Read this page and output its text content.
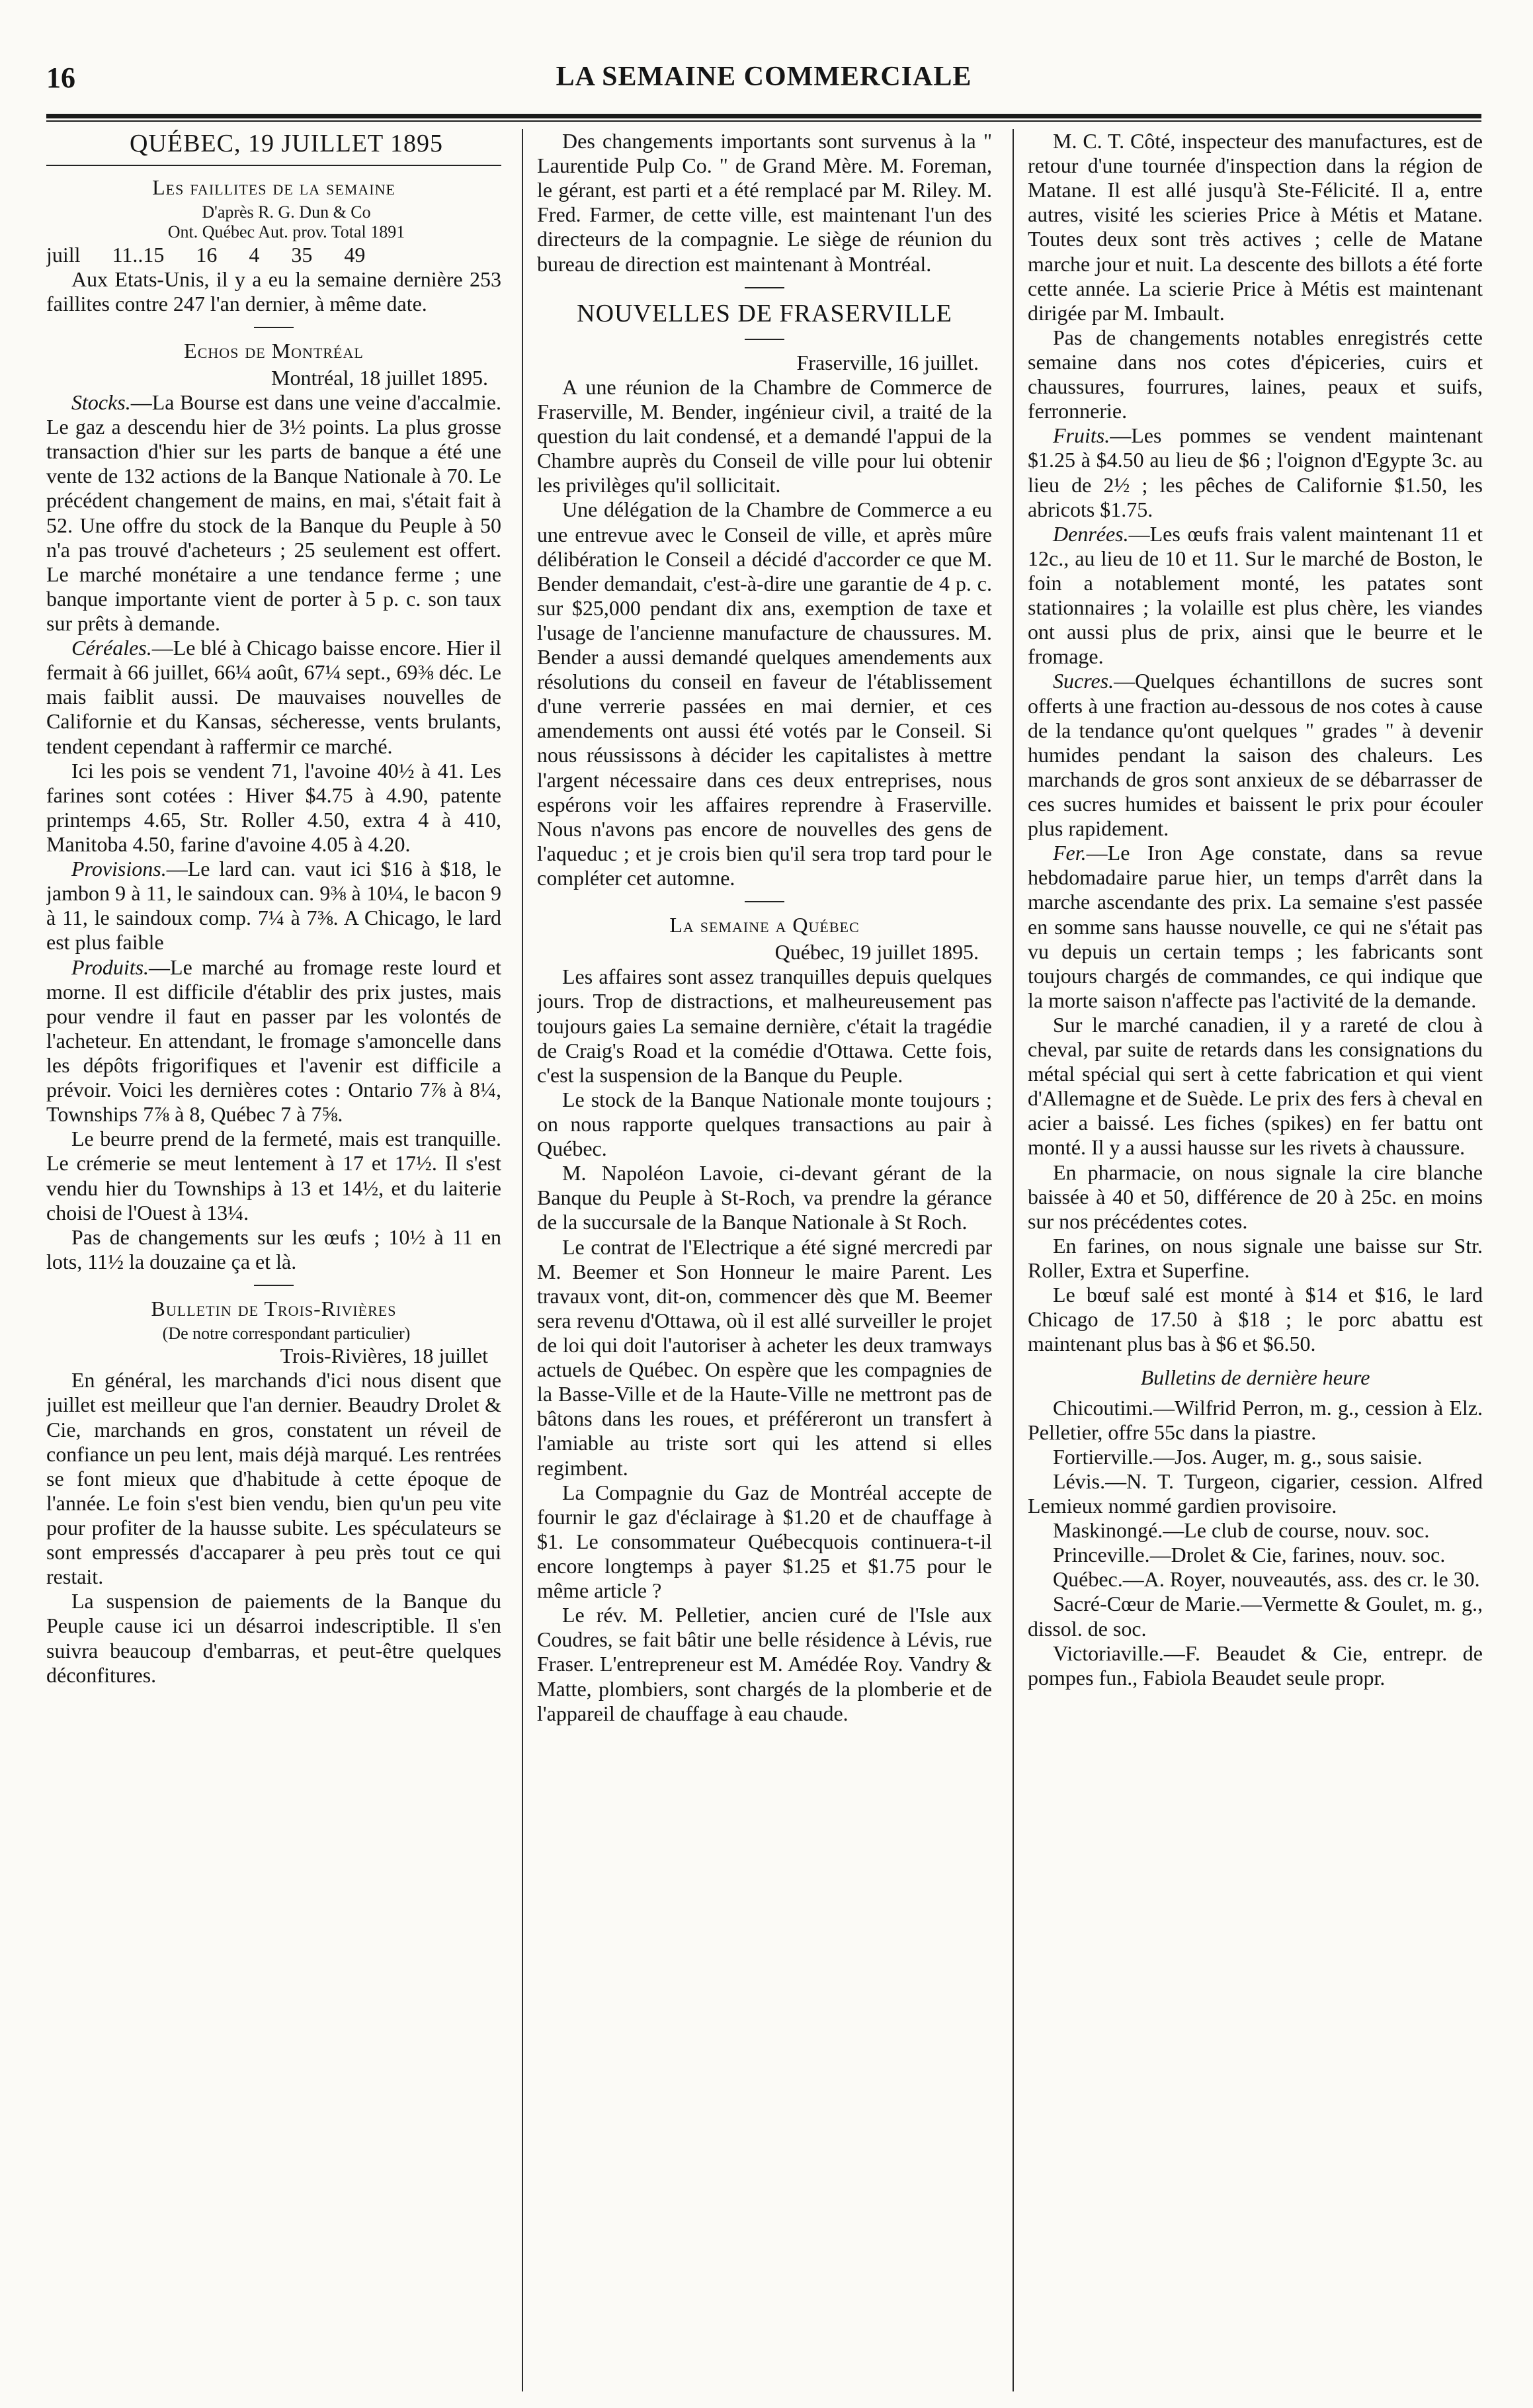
16	LA SEMAINE COMMERCIALE

QUÉBEC, 19 JUILLET 1895

Les faillites de la semaine

D'après R. G. Dun & Co

Ont. Québec Aut. prov. Total 1891

juill 11..15 16 4 35 49

Aux Etats-Unis, il y a eu la semaine dernière 253 faillites contre 247 l'an dernier, à même date.

Echos de Montréal

Montréal, 18 juillet 1895.

Stocks.—La Bourse est dans une veine d'accalmie. Le gaz a descendu hier de 3½ points. La plus grosse transaction d'hier sur les parts de banque a été une vente de 132 actions de la Banque Nationale à 70. Le précédent changement de mains, en mai, s'était fait à 52. Une offre du stock de la Banque du Peuple à 50 n'a pas trouvé d'acheteurs ; 25 seulement est offert. Le marché monétaire a une tendance ferme ; une banque importante vient de porter à 5 p. c. son taux sur prêts à demande.

Céréales.—Le blé à Chicago baisse encore. Hier il fermait à 66 juillet, 66¼ août, 67¼ sept., 69⅜ déc. Le mais faiblit aussi. De mauvaises nouvelles de Californie et du Kansas, sécheresse, vents brulants, tendent cependant à raffermir ce marché.

Ici les pois se vendent 71, l'avoine 40½ à 41. Les farines sont cotées : Hiver $4.75 à 4.90, patente printemps 4.65, Str. Roller 4.50, extra 4 à 410, Manitoba 4.50, farine d'avoine 4.05 à 4.20.

Provisions.—Le lard can. vaut ici $16 à $18, le jambon 9 à 11, le saindoux can. 9⅜ à 10¼, le bacon 9 à 11, le saindoux comp. 7¼ à 7⅜. A Chicago, le lard est plus faible

Produits.—Le marché au fromage reste lourd et morne. Il est difficile d'établir des prix justes, mais pour vendre il faut en passer par les volontés de l'acheteur. En attendant, le fromage s'amoncelle dans les dépôts frigorifiques et l'avenir est difficile a prévoir. Voici les dernières cotes : Ontario 7⅞ à 8¼, Townships 7⅞ à 8, Québec 7 à 7⅝.

Le beurre prend de la fermeté, mais est tranquille. Le crémerie se meut lentement à 17 et 17½. Il s'est vendu hier du Townships à 13 et 14½, et du laiterie choisi de l'Ouest à 13¼.

Pas de changements sur les œufs ; 10½ à 11 en lots, 11½ la douzaine ça et là.

Bulletin de Trois-Rivières

(De notre correspondant particulier)

Trois-Rivières, 18 juillet

En général, les marchands d'ici nous disent que juillet est meilleur que l'an dernier. Beaudry Drolet & Cie, marchands en gros, constatent un réveil de confiance un peu lent, mais déjà marqué. Les rentrées se font mieux que d'habitude à cette époque de l'année. Le foin s'est bien vendu, bien qu'un peu vite pour profiter de la hausse subite. Les spéculateurs se sont empressés d'accaparer à peu près tout ce qui restait.

La suspension de paiements de la Banque du Peuple cause ici un désarroi indescriptible. Il s'en suivra beaucoup d'embarras, et peut-être quelques déconfitures.

Des changements importants sont survenus à la " Laurentide Pulp Co. " de Grand Mère. M. Foreman, le gérant, est parti et a été remplacé par M. Riley. M. Fred. Farmer, de cette ville, est maintenant l'un des directeurs de la compagnie. Le siège de réunion du bureau de direction est maintenant à Montréal.

NOUVELLES DE FRASERVILLE

Fraserville, 16 juillet.

A une réunion de la Chambre de Commerce de Fraserville, M. Bender, ingénieur civil, a traité de la question du lait condensé, et a demandé l'appui de la Chambre auprès du Conseil de ville pour lui obtenir les privilèges qu'il sollicitait.

Une délégation de la Chambre de Commerce a eu une entrevue avec le Conseil de ville, et après mûre délibération le Conseil a décidé d'accorder ce que M. Bender demandait, c'est-à-dire une garantie de 4 p. c. sur $25,000 pendant dix ans, exemption de taxe et l'usage de l'ancienne manufacture de chaussures. M. Bender a aussi demandé quelques amendements aux résolutions du conseil en faveur de l'établissement d'une verrerie passées en mai dernier, et ces amendements ont aussi été votés par le Conseil. Si nous réussissons à décider les capitalistes à mettre l'argent nécessaire dans ces deux entreprises, nous espérons voir les affaires reprendre à Fraserville. Nous n'avons pas encore de nouvelles des gens de l'aqueduc ; et je crois bien qu'il sera trop tard pour le compléter cet automne.

La semaine a Québec

Québec, 19 juillet 1895.

Les affaires sont assez tranquilles depuis quelques jours. Trop de distractions, et malheureusement pas toujours gaies La semaine dernière, c'était la tragédie de Craig's Road et la comédie d'Ottawa. Cette fois, c'est la suspension de la Banque du Peuple.

Le stock de la Banque Nationale monte toujours ; on nous rapporte quelques transactions au pair à Québec.

M. Napoléon Lavoie, ci-devant gérant de la Banque du Peuple à St-Roch, va prendre la gérance de la succursale de la Banque Nationale à St Roch.

Le contrat de l'Electrique a été signé mercredi par M. Beemer et Son Honneur le maire Parent. Les travaux vont, dit-on, commencer dès que M. Beemer sera revenu d'Ottawa, où il est allé surveiller le projet de loi qui doit l'autoriser à acheter les deux tramways actuels de Québec. On espère que les compagnies de la Basse-Ville et de la Haute-Ville ne mettront pas de bâtons dans les roues, et préféreront un transfert à l'amiable au triste sort qui les attend si elles regimbent.

La Compagnie du Gaz de Montréal accepte de fournir le gaz d'éclairage à $1.20 et de chauffage à $1. Le consommateur Québecquois continuera-t-il encore longtemps à payer $1.25 et $1.75 pour le même article ?

Le rév. M. Pelletier, ancien curé de l'Isle aux Coudres, se fait bâtir une belle résidence à Lévis, rue Fraser. L'entrepreneur est M. Amédée Roy. Vandry & Matte, plombiers, sont chargés de la plomberie et de l'appareil de chauffage à eau chaude.

M. C. T. Côté, inspecteur des manufactures, est de retour d'une tournée d'inspection dans la région de Matane. Il est allé jusqu'à Ste-Félicité. Il a, entre autres, visité les scieries Price à Métis et Matane. Toutes deux sont très actives ; celle de Matane marche jour et nuit. La descente des billots a été forte cette année. La scierie Price à Métis est maintenant dirigée par M. Imbault.

Pas de changements notables enregistrés cette semaine dans nos cotes d'épiceries, cuirs et chaussures, fourrures, laines, peaux et suifs, ferronnerie.

Fruits.—Les pommes se vendent maintenant $1.25 à $4.50 au lieu de $6 ; l'oignon d'Egypte 3c. au lieu de 2½ ; les pêches de Californie $1.50, les abricots $1.75.

Denrées.—Les œufs frais valent maintenant 11 et 12c., au lieu de 10 et 11. Sur le marché de Boston, le foin a notablement monté, les patates sont stationnaires ; la volaille est plus chère, les viandes ont aussi plus de prix, ainsi que le beurre et le fromage.

Sucres.—Quelques échantillons de sucres sont offerts à une fraction au-dessous de nos cotes à cause de la tendance qu'ont quelques " grades " à devenir humides pendant la saison des chaleurs. Les marchands de gros sont anxieux de se débarrasser de ces sucres humides et baissent le prix pour écouler plus rapidement.

Fer.—Le Iron Age constate, dans sa revue hebdomadaire parue hier, un temps d'arrêt dans la marche ascendante des prix. La semaine s'est passée en somme sans hausse nouvelle, ce qui ne s'était pas vu depuis un certain temps ; les fabricants sont toujours chargés de commandes, ce qui indique que la morte saison n'affecte pas l'activité de la demande.

Sur le marché canadien, il y a rareté de clou à cheval, par suite de retards dans les consignations du métal spécial qui sert à cette fabrication et qui vient d'Allemagne et de Suède. Le prix des fers à cheval en acier a baissé. Les fiches (spikes) en fer battu ont monté. Il y a aussi hausse sur les rivets à chaussure.

En pharmacie, on nous signale la cire blanche baissée à 40 et 50, différence de 20 à 25c. en moins sur nos précédentes cotes.

En farines, on nous signale une baisse sur Str. Roller, Extra et Superfine.

Le bœuf salé est monté à $14 et $16, le lard Chicago de 17.50 à $18 ; le porc abattu est maintenant plus bas à $6 et $6.50.

Bulletins de dernière heure

Chicoutimi.—Wilfrid Perron, m. g., cession à Elz. Pelletier, offre 55c dans la piastre.

Fortierville.—Jos. Auger, m. g., sous saisie.

Lévis.—N. T. Turgeon, cigarier, cession. Alfred Lemieux nommé gardien provisoire.

Maskinongé.—Le club de course, nouv. soc.

Princeville.—Drolet & Cie, farines, nouv. soc.

Québec.—A. Royer, nouveautés, ass. des cr. le 30.

Sacré-Cœur de Marie.—Vermette & Goulet, m. g., dissol. de soc.

Victoriaville.—F. Beaudet & Cie, entrepr. de pompes fun., Fabiola Beaudet seule propr.
